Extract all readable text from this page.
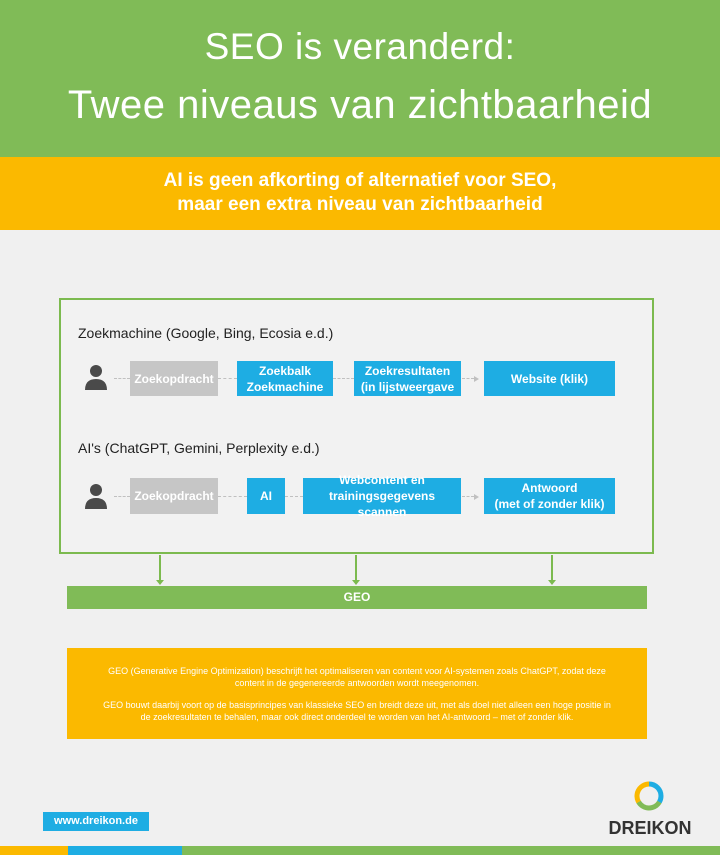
SEO is veranderd:
Twee niveaus van zichtbaarheid
AI is geen afkorting of alternatief voor SEO,
maar een extra niveau van zichtbaarheid
Zoekmachine (Google, Bing, Ecosia e.d.)
Zoekopdracht
Zoekbalk
Zoekmachine
Zoekresultaten
(in lijstweergave
Website (klik)
AI's (ChatGPT, Gemini, Perplexity e.d.)
Zoekopdracht	AI
Webcontent en
trainingsgegevens scannen
Antwoord
(met of zonder klik)
GEO

GEO (Generative Engine Optimization) beschrijft het optimaliseren van content voor AI-systemen zoals ChatGPT, zodat deze content in de gegenereerde antwoorden wordt meegenomen.

GEO bouwt daarbij voort op de basisprincipes van klassieke SEO en breidt deze uit, met als doel niet alleen een hoge positie in de zoekresultaten te behalen, maar ook direct onderdeel te worden van het AI-antwoord – met of zonder klik.

www.dreikon.de	DREIKON
